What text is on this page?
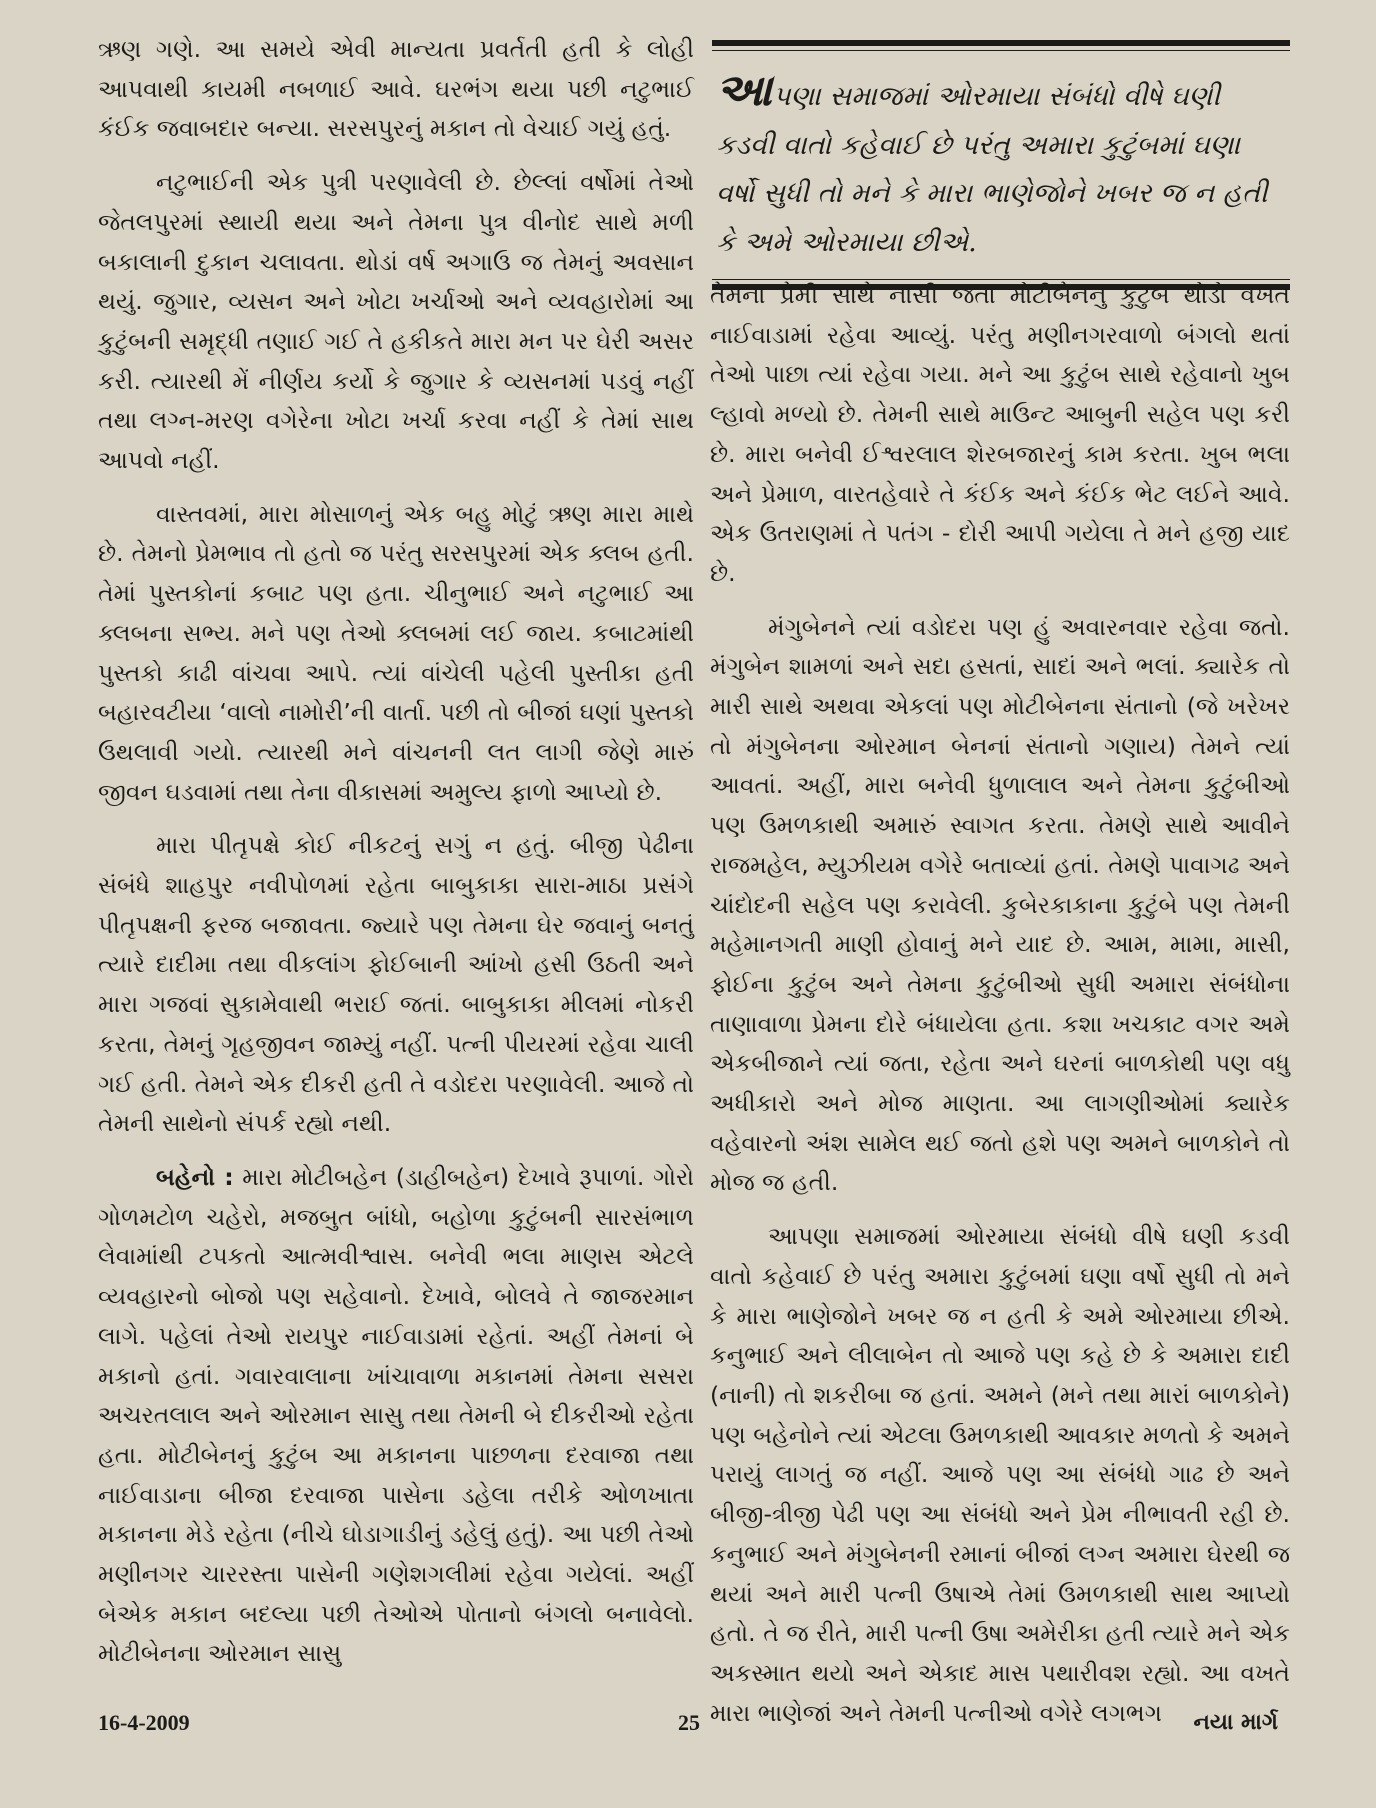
ઋણ ગણે. આ સમયે એવી માન્યતા પ્રવર્તતી હતી કે લોહી આપવાથી કાયમી નબળાઈ આવે. ઘરભંગ થયા પછી નટુભાઈ કંઈક જવાબદાર બન્યા. સરસપુરનું મકાન તો વેચાઈ ગયું હતું.

નટુભાઈની એક પુત્રી પરણાવેલી છે. છેલ્લાં વર્ષોમાં તેઓ જેતલપુરમાં સ્થાયી થયા અને તેમના પુત્ર વીનોદ સાથે મળી બકાલાની દુકાન ચલાવતા. થોડાં વર્ષ અગાઉ જ તેમનું અવસાન થયું. જુગાર, વ્યસન અને ખોટા ખર્ચાઓ અને વ્યવહારોમાં આ કુટુંબની સમૃદ્ધી તણાઈ ગઈ તે હકીકતે મારા મન પર ઘેરી અસર કરી. ત્યારથી મેં નીર્ણય કર્યો કે જુગાર કે વ્યસનમાં પડવું નહીં તથા લગ્ન-મરણ વગેરેના ખોટા ખર્ચા કરવા નહીં કે તેમાં સાથ આપવો નહીં.

વાસ્તવમાં, મારા મોસાળનું એક બહુ મોટું ઋણ મારા માથે છે. તેમનો પ્રેમભાવ તો હતો જ પરંતુ સરસપુરમાં એક ક્લબ હતી. તેમાં પુસ્તકોનાં કબાટ પણ હતા. ચીનુભાઈ અને નટુભાઈ આ ક્લબના સભ્ય. મને પણ તેઓ ક્લબમાં લઈ જાય. કબાટમાંથી પુસ્તકો કાઢી વાંચવા આપે. ત્યાં વાંચેલી પહેલી પુસ્તીકા હતી બહારવટીયા ‘વાલો નામોરી’ની વાર્તા. પછી તો બીજાં ઘણાં પુસ્તકો ઉથલાવી ગયો. ત્યારથી મને વાંચનની લત લાગી જેણે મારું જીવન ઘડવામાં તથા તેના વીકાસમાં અમુલ્ય ફાળો આપ્યો છે.

મારા પીતૃપક્ષે કોઈ નીકટનું સગું ન હતું. બીજી પેઢીના સંબંધે શાહપુર નવીપોળમાં રહેતા બાબુકાકા સારા-માઠા પ્રસંગે પીતૃપક્ષની ફરજ બજાવતા. જ્યારે પણ તેમના ઘેર જવાનું બનતું ત્યારે દાદીમા તથા વીકલાંગ ફોઈબાની આંખો હસી ઉઠતી અને મારા ગજવાં સુકામેવાથી ભરાઈ જતાં. બાબુકાકા મીલમાં નોકરી કરતા, તેમનું ગૃહજીવન જામ્યું નહીં. પત્ની પીયરમાં રહેવા ચાલી ગઈ હતી. તેમને એક દીકરી હતી તે વડોદરા પરણાવેલી. આજે તો તેમની સાથેનો સંપર્ક રહ્યો નથી.

બહેનો : મારા મોટીબહેન (ડાહીબહેન) દેખાવે રૂપાળાં. ગોરો ગોળમટોળ ચહેરો, મજબુત બાંધો, બહોળા કુટુંબની સારસંભાળ લેવામાંથી ટપકતો આત્મવીશ્વાસ. બનેવી ભલા માણસ એટલે વ્યવહારનો બોજો પણ સહેવાનો. દેખાવે, બોલવે તે જાજરમાન લાગે. પહેલાં તેઓ રાયપુર નાઈવાડામાં રહેતાં. અહીં તેમનાં બે મકાનો હતાં. ગવારવાલાના ખાંચાવાળા મકાનમાં તેમના સસરા અચરતલાલ અને ઓરમાન સાસુ તથા તેમની બે દીકરીઓ રહેતા હતા. મોટીબેનનું કુટુંબ આ મકાનના પાછળના દરવાજા તથા નાઈવાડાના બીજા દરવાજા પાસેના ડહેલા તરીકે ઓળખાતા મકાનના મેડે રહેતા (નીચે ઘોડાગાડીનું ડહેલું હતું). આ પછી તેઓ મણીનગર ચારરસ્તા પાસેની ગણેશગલીમાં રહેવા ગયેલાં. અહીં બેએક મકાન બદલ્યા પછી તેઓએ પોતાનો બંગલો બનાવેલો. મોટીબેનના ઓરમાન સાસુ

આપણા સમાજમાં ઓરમાયા સંબંધો વીષે ઘણી કડવી વાતો કહેવાઈ છે પરંતુ અમારા કુટુંબમાં ઘણા વર્ષો સુધી તો મને કે મારા ભાણેજોને ખબર જ ન હતી કે અમે ઓરમાયા છીએ.

તેમના પ્રેમી સાથે નાસી જતાં મોટીબેનનું કુટુંબ થોડો વખત નાઈવાડામાં રહેવા આવ્યું. પરંતુ મણીનગરવાળો બંગલો થતાં તેઓ પાછા ત્યાં રહેવા ગયા. મને આ કુટુંબ સાથે રહેવાનો ખુબ લ્હાવો મળ્યો છે. તેમની સાથે માઉન્ટ આબુની સહેલ પણ કરી છે. મારા બનેવી ઈશ્વરલાલ શેરબજારનું કામ કરતા. ખુબ ભલા અને પ્રેમાળ, વારતહેવારે તે કંઈક અને કંઈક ભેટ લઈને આવે. એક ઉતરાણમાં તે પતંગ - દોરી આપી ગયેલા તે મને હજી યાદ છે.

મંગુબેનને ત્યાં વડોદરા પણ હું અવારનવાર રહેવા જતો. મંગુબેન શામળાં અને સદા હસતાં, સાદાં અને ભલાં. ક્યારેક તો મારી સાથે અથવા એકલાં પણ મોટીબેનના સંતાનો (જે ખરેખર તો મંગુબેનના ઓરમાન બેનનાં સંતાનો ગણાય) તેમને ત્યાં આવતાં. અહીં, મારા બનેવી ધુળાલાલ અને તેમના કુટુંબીઓ પણ ઉમળકાથી અમારું સ્વાગત કરતા. તેમણે સાથે આવીને રાજમહેલ, મ્યુઝીયમ વગેરે બતાવ્યાં હતાં. તેમણે પાવાગઢ અને ચાંદોદની સહેલ પણ કરાવેલી. કુબેરકાકાના કુટુંબે પણ તેમની મહેમાનગતી માણી હોવાનું મને યાદ છે. આમ, મામા, માસી, ફોઈના કુટુંબ અને તેમના કુટુંબીઓ સુધી અમારા સંબંધોના તાણાવાળા પ્રેમના દોરે બંધાયેલા હતા. કશા ખચકાટ વગર અમે એકબીજાને ત્યાં જતા, રહેતા અને ઘરનાં બાળકોથી પણ વધુ અધીકારો અને મોજ માણતા. આ લાગણીઓમાં ક્યારેક વહેવારનો અંશ સામેલ થઈ જતો હશે પણ અમને બાળકોને તો મોજ જ હતી.

આપણા સમાજમાં ઓરમાયા સંબંધો વીષે ઘણી કડવી વાતો કહેવાઈ છે પરંતુ અમારા કુટુંબમાં ઘણા વર્ષો સુધી તો મને કે મારા ભાણેજોને ખબર જ ન હતી કે અમે ઓરમાયા છીએ. કનુભાઈ અને લીલાબેન તો આજે પણ કહે છે કે અમારા દાદી (નાની) તો શકરીબા જ હતાં. અમને (મને તથા મારાં બાળકોને) પણ બહેનોને ત્યાં એટલા ઉમળકાથી આવકાર મળતો કે અમને પરાયું લાગતું જ નહીં. આજે પણ આ સંબંધો ગાઢ છે અને બીજી-ત્રીજી પેઢી પણ આ સંબંધો અને પ્રેમ નીભાવતી રહી છે. કનુભાઈ અને મંગુબેનની રમાનાં બીજાં લગ્ન અમારા ઘેરથી જ થયાં અને મારી પત્ની ઉષાએ તેમાં ઉમળકાથી સાથ આપ્યો હતો. તે જ રીતે, મારી પત્ની ઉષા અમેરીકા હતી ત્યારે મને એક અકસ્માત થયો અને એકાદ માસ પથારીવશ રહ્યો. આ વખતે મારા ભાણેજાં અને તેમની પત્નીઓ વગેરે લગભગ

16-4-2009	25	નયા માર્ગ
